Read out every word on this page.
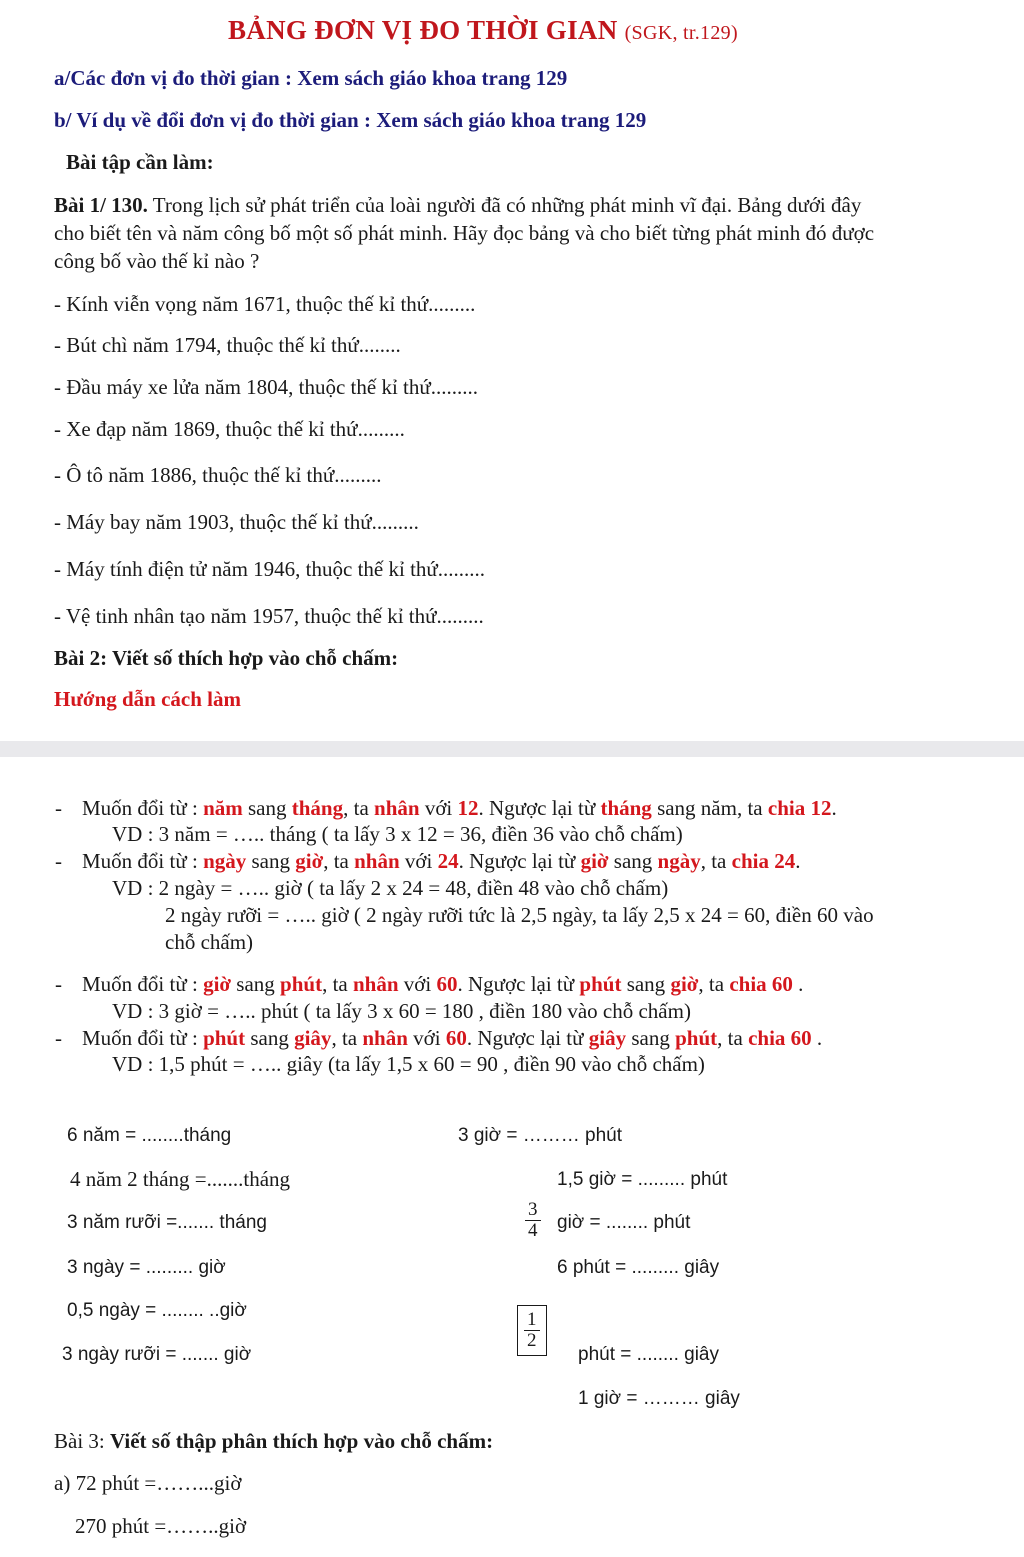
BẢNG ĐƠN VỊ ĐO THỜI GIAN (SGK, tr.129)
a/Các đơn vị đo thời gian : Xem sách giáo khoa trang 129
b/ Ví dụ về đổi đơn vị đo thời gian : Xem sách giáo khoa trang 129
Bài tập cần làm:
Bài 1/ 130. Trong lịch sử phát triển của loài người đã có những phát minh vĩ đại. Bảng dưới đây
cho biết tên và năm công bố một số phát minh. Hãy đọc bảng và cho biết từng phát minh đó được
công bố vào thế kỉ nào ?
- Kính viễn vọng năm 1671, thuộc thế kỉ thứ.........
- Bút chì năm 1794, thuộc thế kỉ thứ........
- Đầu máy xe lửa năm 1804, thuộc thế kỉ thứ.........
- Xe đạp năm 1869, thuộc thế kỉ thứ.........
- Ô tô năm 1886, thuộc thế kỉ thứ.........
- Máy bay năm 1903, thuộc thế kỉ thứ.........
- Máy tính điện tử năm 1946, thuộc thế kỉ thứ.........
- Vệ tinh nhân tạo năm 1957, thuộc thế kỉ thứ.........
Bài 2: Viết số thích hợp vào chỗ chấm:
Hướng dẫn cách làm
- Muốn đổi từ : năm sang tháng, ta nhân với 12. Ngược lại từ tháng sang năm, ta chia 12.
VD : 3 năm = ….. tháng ( ta lấy 3 x 12 = 36, điền 36 vào chỗ chấm)
- Muốn đổi từ : ngày sang giờ, ta nhân với 24. Ngược lại từ giờ sang ngày, ta chia 24.
VD : 2 ngày = ….. giờ ( ta lấy 2 x 24 = 48, điền 48 vào chỗ chấm)
2 ngày rưỡi = ….. giờ ( 2 ngày rưỡi tức là 2,5 ngày, ta lấy 2,5 x 24 = 60, điền 60 vào
chỗ chấm)
- Muốn đổi từ : giờ sang phút, ta nhân với 60. Ngược lại từ phút sang giờ, ta chia 60 .
VD : 3 giờ = ….. phút ( ta lấy 3 x 60 = 180 , điền 180 vào chỗ chấm)
- Muốn đổi từ : phút sang giây, ta nhân với 60. Ngược lại từ giây sang phút, ta chia 60 .
VD : 1,5 phút = ….. giây (ta lấy 1,5 x 60 = 90 , điền 90 vào chỗ chấm)
6 năm = ........tháng
4 năm 2 tháng =.......tháng
3 năm rưỡi =....... tháng
3 ngày = ......... giờ
0,5 ngày = ........ ..giờ
3 ngày rưỡi = ....... giờ
3 giờ = ……… phút
1,5 giờ = ......... phút
$\frac{3}{4}$ giờ = ........ phút
6 phút = ......... giây
$\frac{1}{2}$ phút = ........ giây
1 giờ = ……… giây
Bài 3: Viết số thập phân thích hợp vào chỗ chấm:
a) 72 phút =……...giờ
270 phút =……..giờ
